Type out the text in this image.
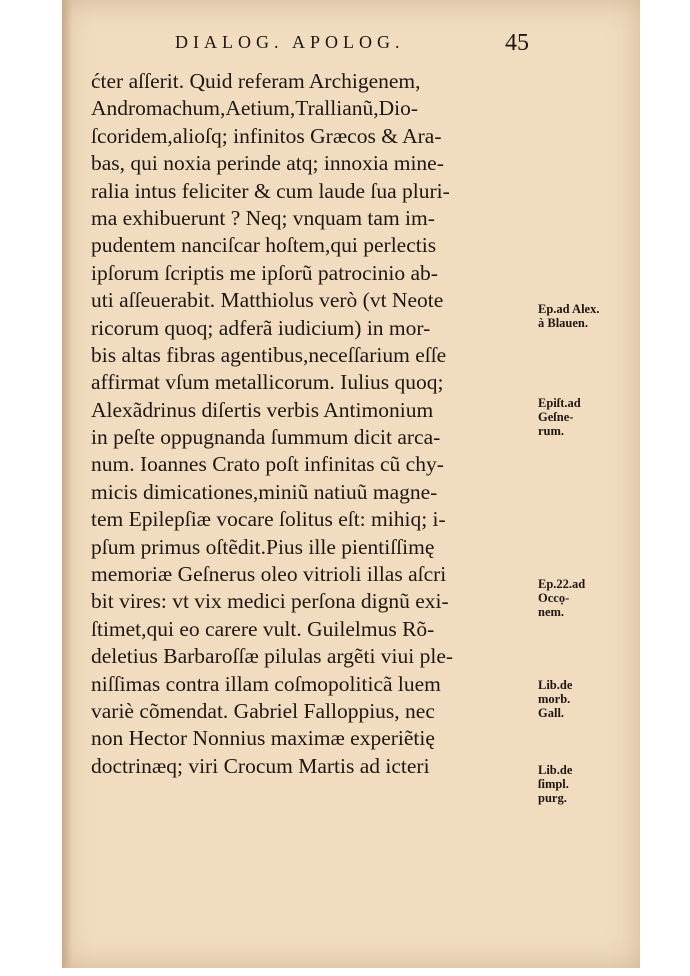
DIALOG. APOLOG.	45
ćter aſſerit. Quid referam Archigenem,
Andromachum,Aetium,Trallianũ,Dio-
ſcoridem,alioſq; infinitos Græcos & Ara-
bas, qui noxia perinde atq; innoxia mine-
ralia intus feliciter & cum laude ſua pluri-
ma exhibuerunt ? Neq; vnquam tam im-
pudentem nanciſcar hoſtem,qui perlectis
ipſorum ſcriptis me ipſorũ patrocinio ab-
uti aſſeuerabit. Matthiolus verò (vt Neote
ricorum quoq; adferã iudicium) in mor-
bis altas fibras agentibus,neceſſarium eſſe
affirmat vſum metallicorum. Iulius quoq;
Alexãdrinus diſertis verbis Antimonium
in peſte oppugnanda ſummum dicit arca-
num. Ioannes Crato poſt infinitas cũ chy-
micis dimicationes,miniũ natiuũ magne-
tem Epilepſiæ vocare ſolitus eſt: mihiq; i-
pſum primus oſtẽdit.Pius ille pientiſſimę
memoriæ Geſnerus oleo vitrioli illas aſcri
bit vires: vt vix medici perſona dignũ exi-
ſtimet,qui eo carere vult. Guilelmus Rõ-
deletius Barbaroſſæ pilulas argẽti viui ple-
niſſimas contra illam coſmopoliticã luem
variè cõmendat. Gabriel Falloppius, nec
non Hector Nonnius maximæ experiẽtię
doctrinæq; viri Crocum Martis ad icteri
Ep.ad Alex.
à Blauen.
Epiſt.ad
Geſne-
rum.
Ep.22.ad
Occọ-
nem.
Lib.de
morb.
Gall.
Lib.de
ſimpl.
purg.
